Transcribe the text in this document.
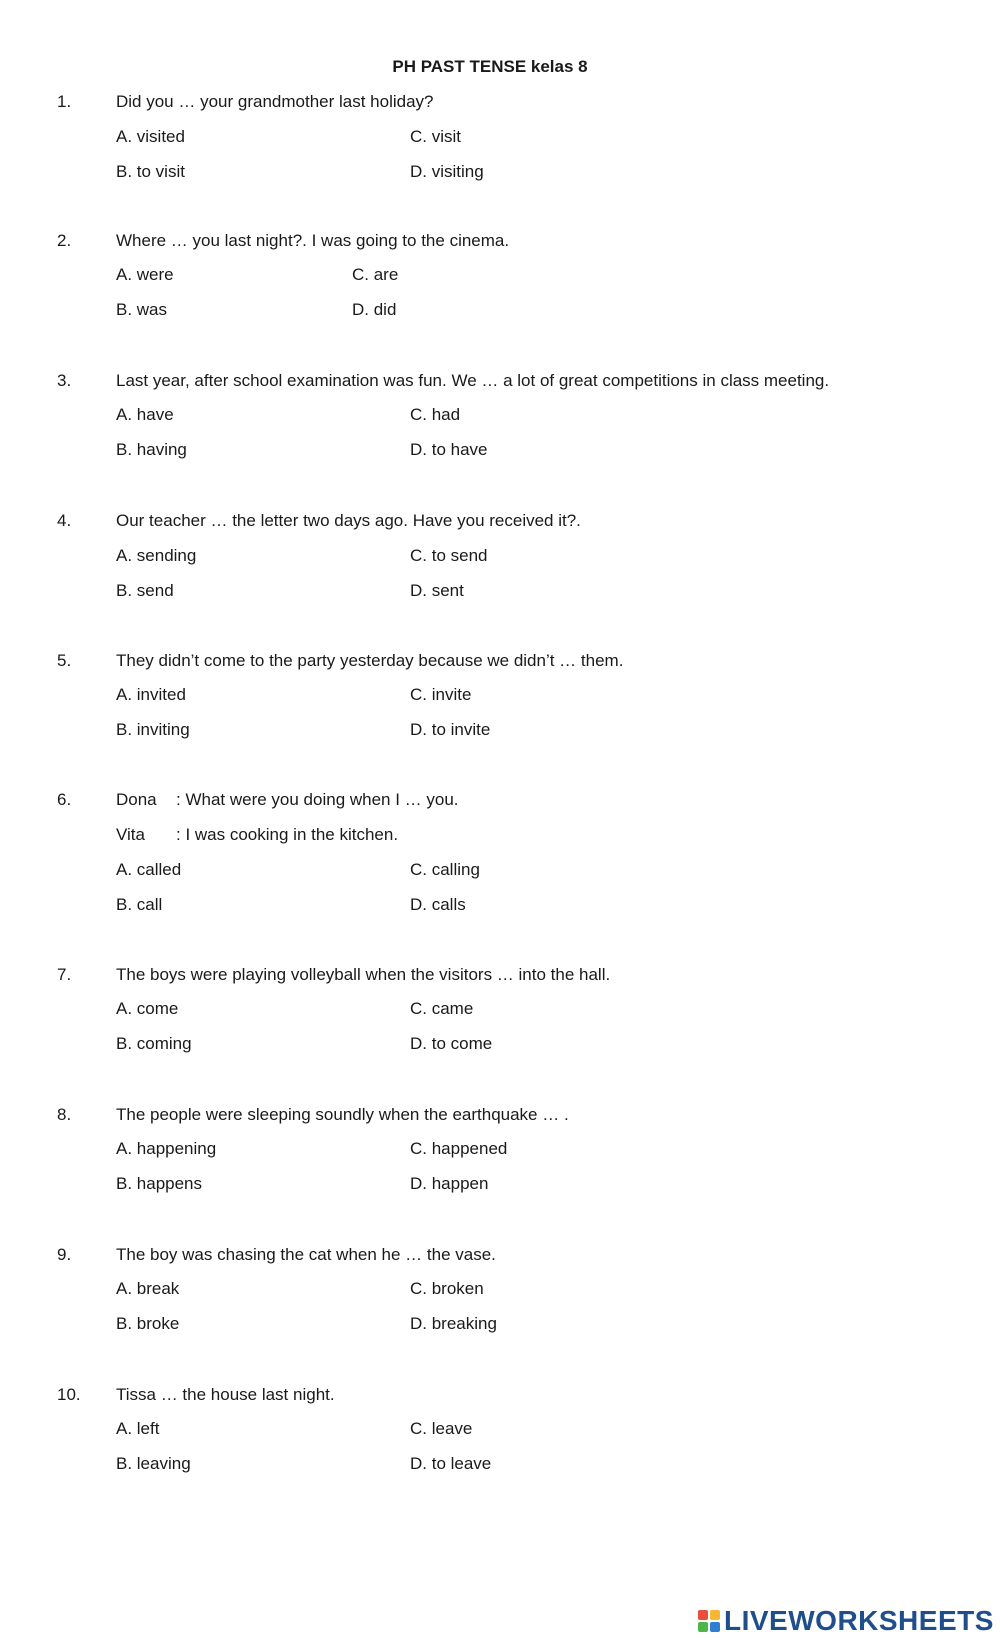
PH PAST TENSE kelas 8
1.	Did you … your grandmother last holiday?
A. visited	C. visit
B. to visit	D. visiting
2.	Where … you last night?. I was going to the cinema.
A. were	C. are
B. was	D. did
3.	Last year, after school examination was fun. We … a lot of great competitions in class meeting.
A. have	C. had
B. having	D. to have
4.	Our teacher … the letter two days ago. Have you received it?.
A. sending	C. to send
B. send	D. sent
5.	They didn’t come to the party yesterday because we didn’t … them.
A. invited	C. invite
B. inviting	D. to invite
6.	Dona : What were you doing when I … you.
Vita : I was cooking in the kitchen.
A. called	C. calling
B. call	D. calls
7.	The boys were playing volleyball when the visitors … into the hall.
A. come	C. came
B. coming	D. to come
8.	The people were sleeping soundly when the earthquake … .
A. happening	C. happened
B. happens	D. happen
9.	The boy was chasing the cat when he … the vase.
A. break	C. broken
B. broke	D. breaking
10. Tissa … the house last night.
A. left	C. leave
B. leaving	D. to leave
LIVEWORKSHEETS
